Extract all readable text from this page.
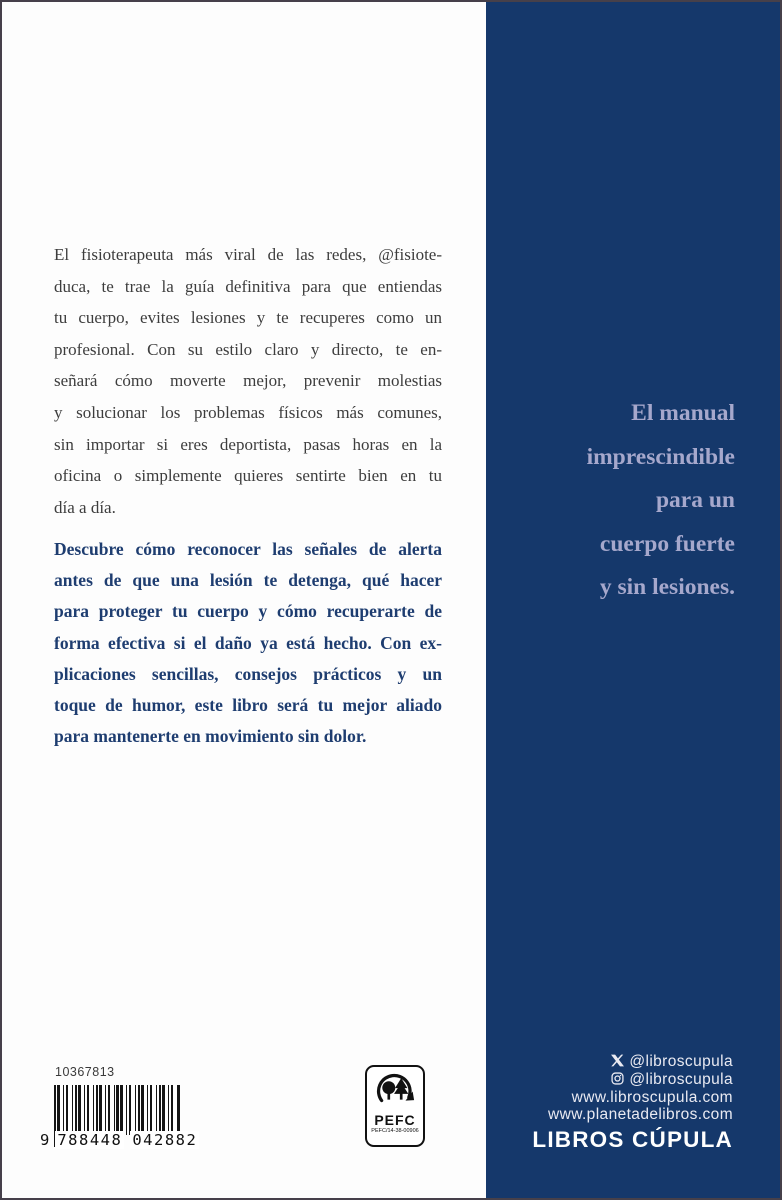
El fisioterapeuta más viral de las redes, @fisiote-
duca, te trae la guía definitiva para que entiendas
tu cuerpo, evites lesiones y te recuperes como un
profesional. Con su estilo claro y directo, te en-
señará cómo moverte mejor, prevenir molestias
y solucionar los problemas físicos más comunes,
sin importar si eres deportista, pasas horas en la
oficina o simplemente quieres sentirte bien en tu
día a día.
Descubre cómo reconocer las señales de alerta
antes de que una lesión te detenga, qué hacer
para proteger tu cuerpo y cómo recuperarte de
forma efectiva si el daño ya está hecho. Con ex-
plicaciones sencillas, consejos prácticos y un
toque de humor, este libro será tu mejor aliado
para mantenerte en movimiento sin dolor.
El manual
imprescindible
para un
cuerpo fuerte
y sin lesiones.
@libroscupula
@libroscupula
www.libroscupula.com
www.planetadelibros.com
LIBROS CÚPULA
10367813
9 788448 042882
PEFC
PEFC/14-38-00906
